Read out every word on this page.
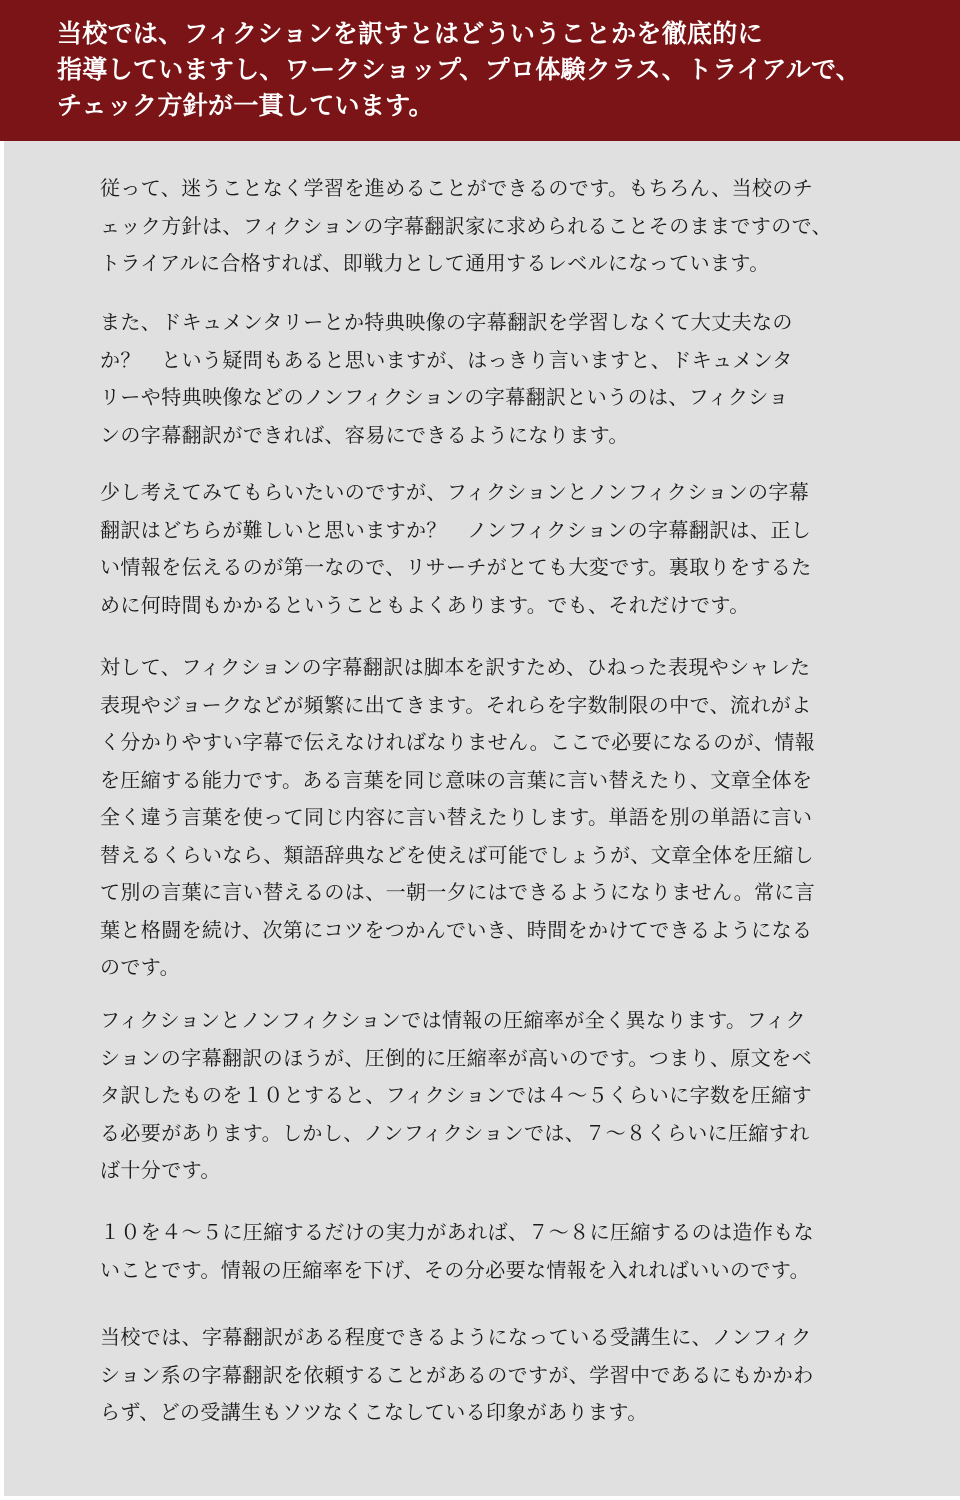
当校では、フィクションを訳すとはどういうことかを徹底的に
指導していますし、ワークショップ、プロ体験クラス、トライアルで、
チェック方針が一貫しています。

従って、迷うことなく学習を進めることができるのです。もちろん、当校のチ
ェック方針は、フィクションの字幕翻訳家に求められることそのままですので、
トライアルに合格すれば、即戦力として通用するレベルになっています。

また、ドキュメンタリーとか特典映像の字幕翻訳を学習しなくて大丈夫なの
か？　という疑問もあると思いますが、はっきり言いますと、ドキュメンタ
リーや特典映像などのノンフィクションの字幕翻訳というのは、フィクショ
ンの字幕翻訳ができれば、容易にできるようになります。

少し考えてみてもらいたいのですが、フィクションとノンフィクションの字幕
翻訳はどちらが難しいと思いますか？　ノンフィクションの字幕翻訳は、正し
い情報を伝えるのが第一なので、リサーチがとても大変です。裏取りをするた
めに何時間もかかるということもよくあります。でも、それだけです。

対して、フィクションの字幕翻訳は脚本を訳すため、ひねった表現やシャレた
表現やジョークなどが頻繁に出てきます。それらを字数制限の中で、流れがよ
く分かりやすい字幕で伝えなければなりません。ここで必要になるのが、情報
を圧縮する能力です。ある言葉を同じ意味の言葉に言い替えたり、文章全体を
全く違う言葉を使って同じ内容に言い替えたりします。単語を別の単語に言い
替えるくらいなら、類語辞典などを使えば可能でしょうが、文章全体を圧縮し
て別の言葉に言い替えるのは、一朝一夕にはできるようになりません。常に言
葉と格闘を続け、次第にコツをつかんでいき、時間をかけてできるようになる
のです。

フィクションとノンフィクションでは情報の圧縮率が全く異なります。フィク
ションの字幕翻訳のほうが、圧倒的に圧縮率が高いのです。つまり、原文をベ
タ訳したものを１０とすると、フィクションでは４～５くらいに字数を圧縮す
る必要があります。しかし、ノンフィクションでは、７～８くらいに圧縮すれ
ば十分です。

１０を４～５に圧縮するだけの実力があれば、７～８に圧縮するのは造作もな
いことです。情報の圧縮率を下げ、その分必要な情報を入れればいいのです。

当校では、字幕翻訳がある程度できるようになっている受講生に、ノンフィク
ション系の字幕翻訳を依頼することがあるのですが、学習中であるにもかかわ
らず、どの受講生もソツなくこなしている印象があります。
